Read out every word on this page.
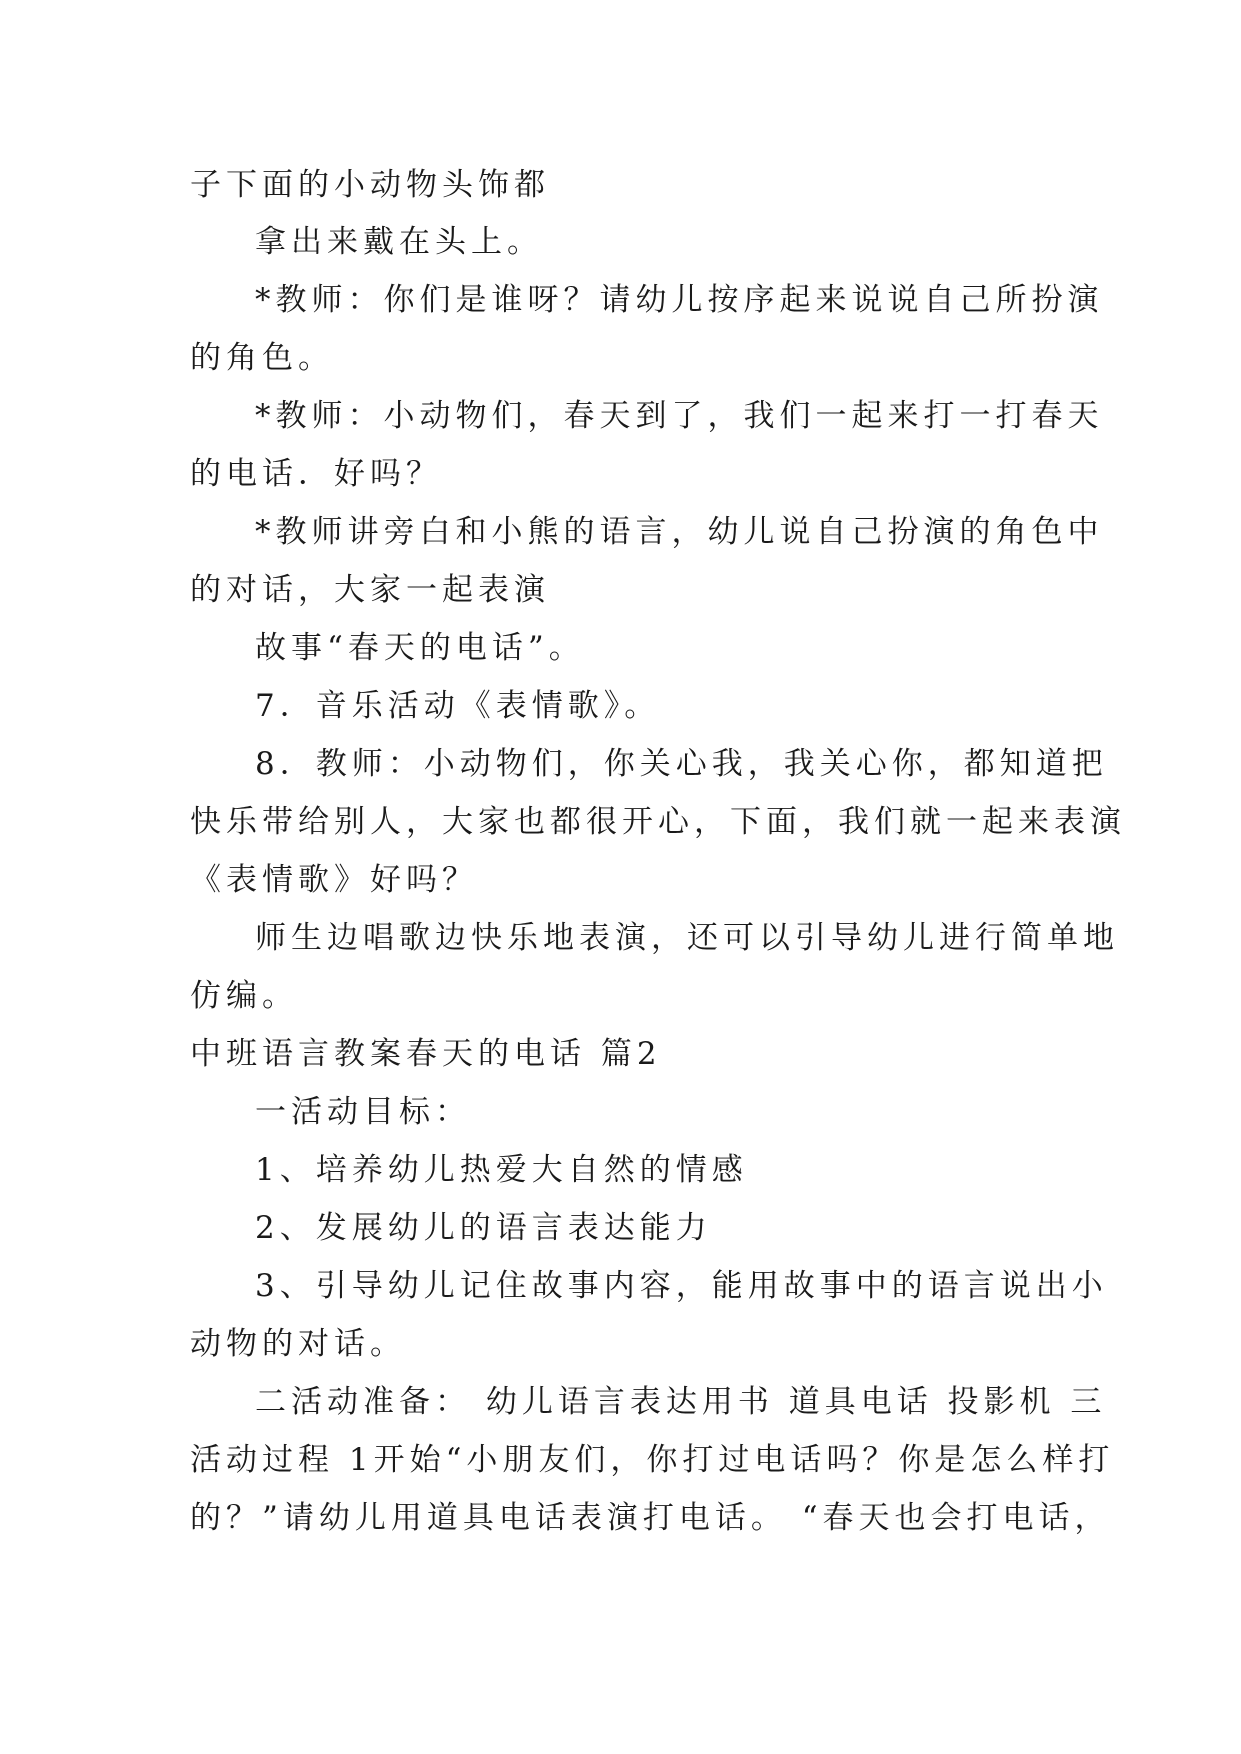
子下面的小动物头饰都
拿出来戴在头上。
*教师：你们是谁呀？请幼儿按序起来说说自己所扮演
的角色。
*教师：小动物们，春天到了，我们一起来打一打春天
的电话．好吗？
*教师讲旁白和小熊的语言，幼儿说自己扮演的角色中
的对话，大家一起表演
故事“春天的电话”。
7．音乐活动《表情歌》。
8．教师：小动物们，你关心我，我关心你，都知道把
快乐带给别人，大家也都很开心，下面，我们就一起来表演
《表情歌》好吗？
师生边唱歌边快乐地表演，还可以引导幼儿进行简单地
仿编。
中班语言教案春天的电话 篇2
一活动目标：
1、培养幼儿热爱大自然的情感
2、发展幼儿的语言表达能力
3、引导幼儿记住故事内容，能用故事中的语言说出小
动物的对话。
二活动准备： 幼儿语言表达用书 道具电话 投影机 三
活动过程 1开始“小朋友们，你打过电话吗？你是怎么样打
的？”请幼儿用道具电话表演打电话。 “春天也会打电话，
